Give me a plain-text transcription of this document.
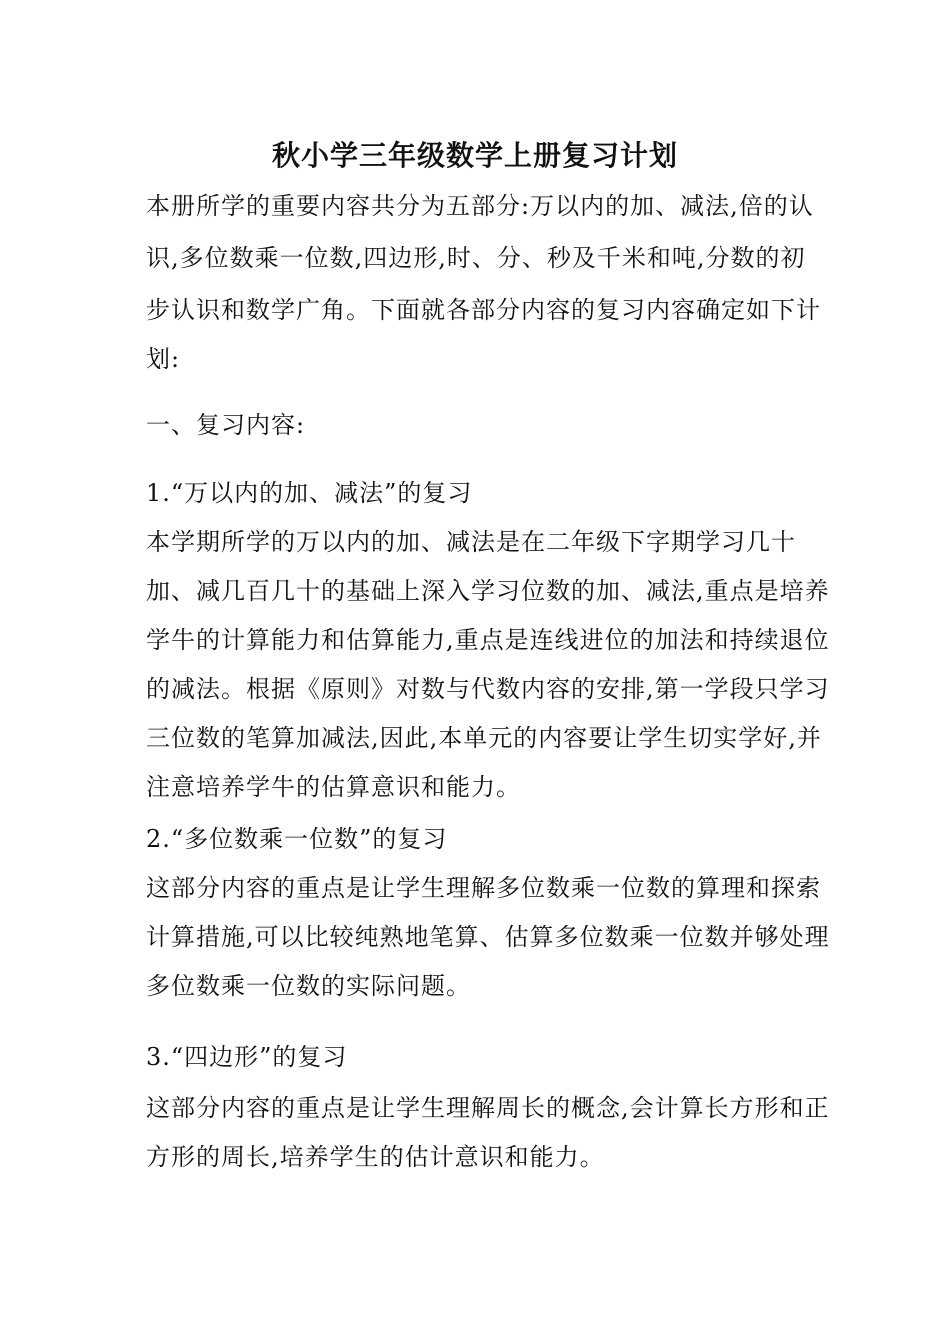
秋小学三年级数学上册复习计划
本册所学的重要内容共分为五部分:万以内的加、减法,倍的认
识,多位数乘一位数,四边形,时、分、秒及千米和吨,分数的初
步认识和数学广角。下面就各部分内容的复习内容确定如下计
划:
一、复习内容:
1.“万以内的加、减法”的复习
本学期所学的万以内的加、减法是在二年级下字期学习几十
加、减几百几十的基础上深入学习位数的加、减法,重点是培养
学牛的计算能力和估算能力,重点是连线进位的加法和持续退位
的减法。根据《原则》对数与代数内容的安排,第一学段只学习
三位数的笔算加减法,因此,本单元的内容要让学生切实学好,并
注意培养学牛的估算意识和能力。
2.“多位数乘一位数”的复习
这部分内容的重点是让学生理解多位数乘一位数的算理和探索
计算措施,可以比较纯熟地笔算、估算多位数乘一位数并够处理
多位数乘一位数的实际问题。
3.“四边形”的复习
这部分内容的重点是让学生理解周长的概念,会计算长方形和正
方形的周长,培养学生的估计意识和能力。
